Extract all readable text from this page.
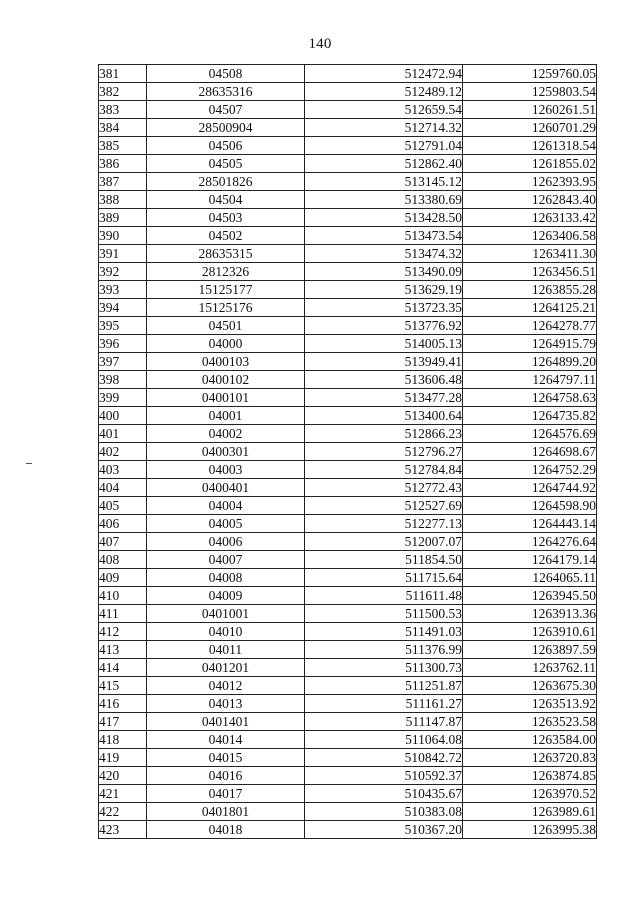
140
381	04508	512472.94	1259760.05
382	28635316	512489.12	1259803.54
383	04507	512659.54	1260261.51
384	28500904	512714.32	1260701.29
385	04506	512791.04	1261318.54
386	04505	512862.40	1261855.02
387	28501826	513145.12	1262393.95
388	04504	513380.69	1262843.40
389	04503	513428.50	1263133.42
390	04502	513473.54	1263406.58
391	28635315	513474.32	1263411.30
392	2812326	513490.09	1263456.51
393	15125177	513629.19	1263855.28
394	15125176	513723.35	1264125.21
395	04501	513776.92	1264278.77
396	04000	514005.13	1264915.79
397	0400103	513949.41	1264899.20
398	0400102	513606.48	1264797.11
399	0400101	513477.28	1264758.63
400	04001	513400.64	1264735.82
401	04002	512866.23	1264576.69
402	0400301	512796.27	1264698.67
403	04003	512784.84	1264752.29
404	0400401	512772.43	1264744.92
405	04004	512527.69	1264598.90
406	04005	512277.13	1264443.14
407	04006	512007.07	1264276.64
408	04007	511854.50	1264179.14
409	04008	511715.64	1264065.11
410	04009	511611.48	1263945.50
411	0401001	511500.53	1263913.36
412	04010	511491.03	1263910.61
413	04011	511376.99	1263897.59
414	0401201	511300.73	1263762.11
415	04012	511251.87	1263675.30
416	04013	511161.27	1263513.92
417	0401401	511147.87	1263523.58
418	04014	511064.08	1263584.00
419	04015	510842.72	1263720.83
420	04016	510592.37	1263874.85
421	04017	510435.67	1263970.52
422	0401801	510383.08	1263989.61
423	04018	510367.20	1263995.38
